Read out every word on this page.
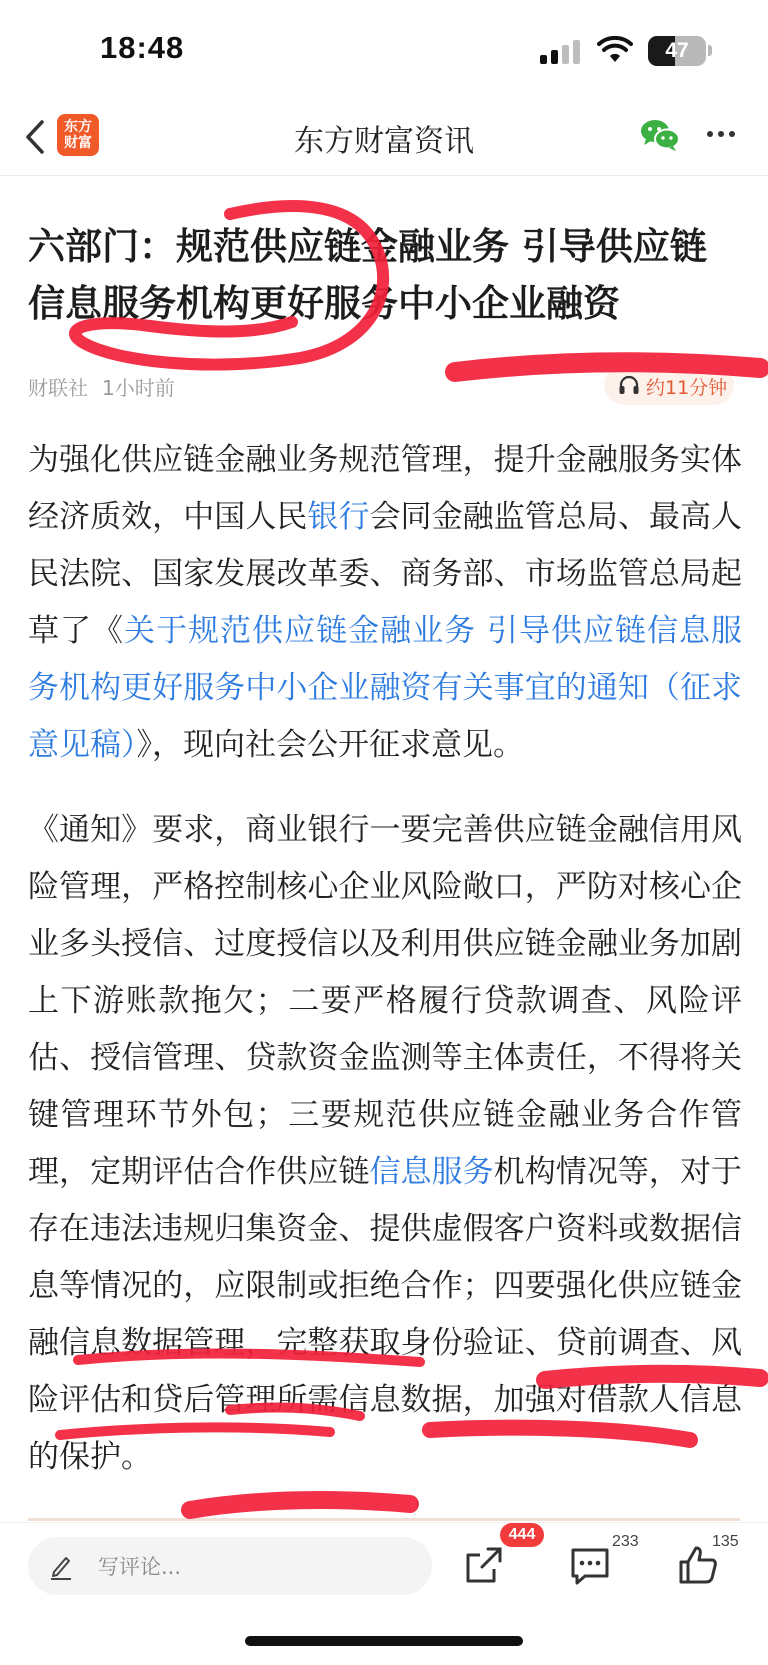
18:48	47
东方
财富	东方财富资讯
六部门：规范供应链金融业务 引导供应链信息服务机构更好服务中小企业融资
财联社 1小时前	约11分钟

为强化供应链金融业务规范管理，提升金融服务实体经济质效，中国人民银行会同金融监管总局、最高人民法院、国家发展改革委、商务部、市场监管总局起草了《关于规范供应链金融业务 引导供应链信息服务机构更好服务中小企业融资有关事宜的通知（征求意见稿）》，现向社会公开征求意见。

《通知》要求，商业银行一要完善供应链金融信用风险管理，严格控制核心企业风险敞口，严防对核心企业多头授信、过度授信以及利用供应链金融业务加剧上下游账款拖欠；二要严格履行贷款调查、风险评估、授信管理、贷款资金监测等主体责任，不得将关键管理环节外包；三要规范供应链金融业务合作管理，定期评估合作供应链信息服务机构情况等，对于存在违法违规归集资金、提供虚假客户资料或数据信息等情况的，应限制或拒绝合作；四要强化供应链金融信息数据管理，完整获取身份验证、贷前调查、风险评估和贷后管理所需信息数据，加强对借款人信息的保护。

写评论...
444	233	135
